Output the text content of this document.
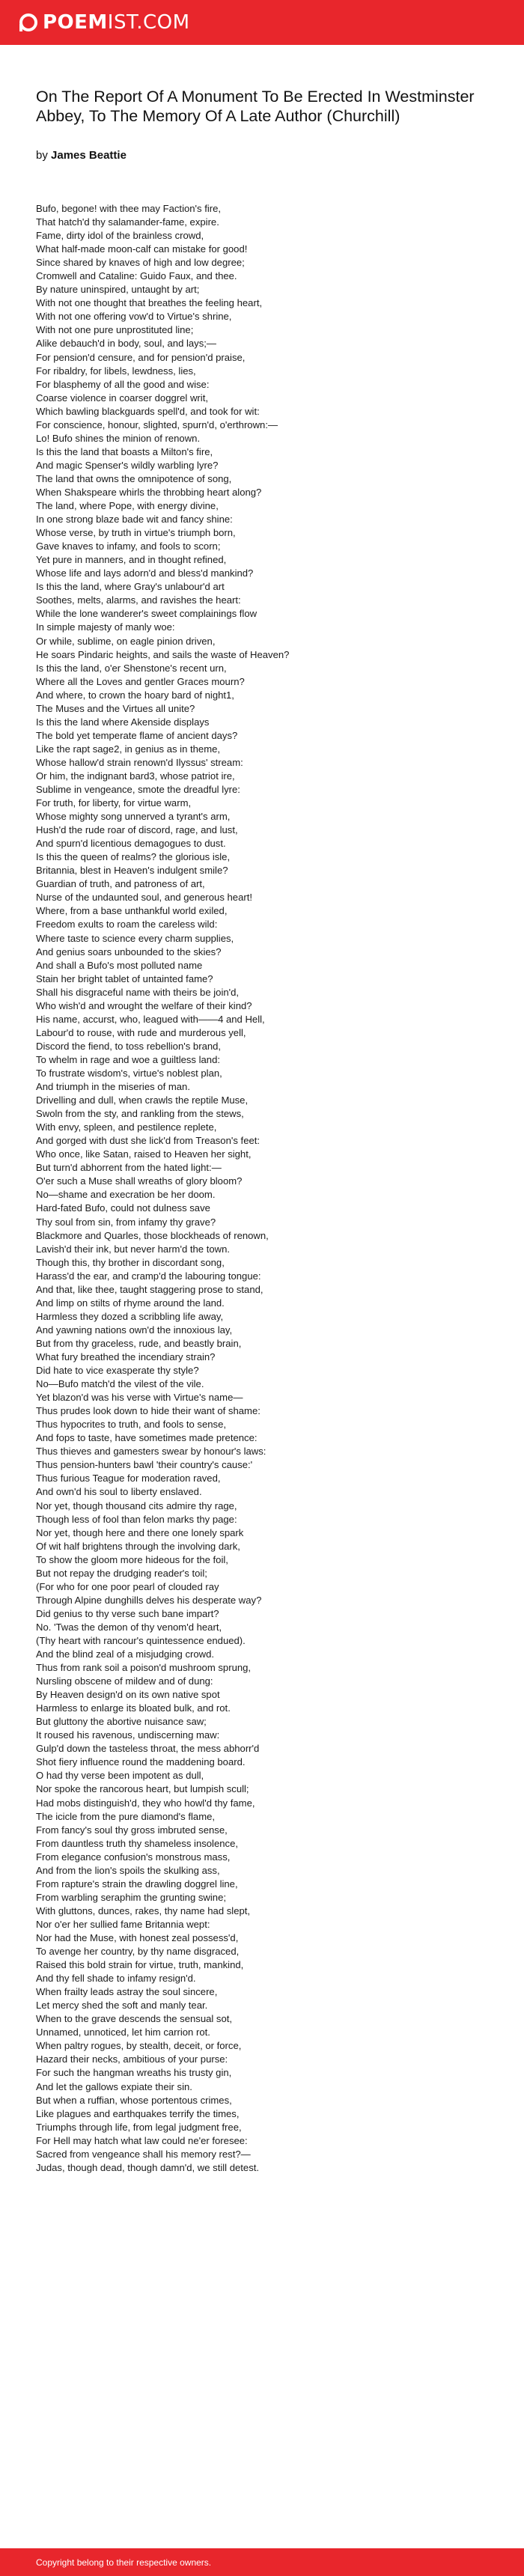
POEM IST.COM
On The Report Of A Monument To Be Erected In Westminster Abbey, To The Memory Of A Late Author (Churchill)
by James Beattie
Bufo, begone! with thee may Faction's fire,
That hatch'd thy salamander-fame, expire.
Fame, dirty idol of the brainless crowd,
What half-made moon-calf can mistake for good!
Since shared by knaves of high and low degree;
Cromwell and Cataline: Guido Faux, and thee.
By nature uninspired, untaught by art;
With not one thought that breathes the feeling heart,
With not one offering vow'd to Virtue's shrine,
With not one pure unprostituted line;
Alike debauch'd in body, soul, and lays;—
For pension'd censure, and for pension'd praise,
For ribaldry, for libels, lewdness, lies,
For blasphemy of all the good and wise:
Coarse violence in coarser doggrel writ,
Which bawling blackguards spell'd, and took for wit:
For conscience, honour, slighted, spurn'd, o'erthrown:—
Lo! Bufo shines the minion of renown.
Is this the land that boasts a Milton's fire,
And magic Spenser's wildly warbling lyre?
The land that owns the omnipotence of song,
When Shakspeare whirls the throbbing heart along?
The land, where Pope, with energy divine,
In one strong blaze bade wit and fancy shine:
Whose verse, by truth in virtue's triumph born,
Gave knaves to infamy, and fools to scorn;
Yet pure in manners, and in thought refined,
Whose life and lays adorn'd and bless'd mankind?
Is this the land, where Gray's unlabour'd art
Soothes, melts, alarms, and ravishes the heart:
While the lone wanderer's sweet complainings flow
In simple majesty of manly woe:
Or while, sublime, on eagle pinion driven,
He soars Pindaric heights, and sails the waste of Heaven?
Is this the land, o'er Shenstone's recent urn,
Where all the Loves and gentler Graces mourn?
And where, to crown the hoary bard of night1,
The Muses and the Virtues all unite?
Is this the land where Akenside displays
The bold yet temperate flame of ancient days?
Like the rapt sage2, in genius as in theme,
Whose hallow'd strain renown'd Ilyssus' stream:
Or him, the indignant bard3, whose patriot ire,
Sublime in vengeance, smote the dreadful lyre:
For truth, for liberty, for virtue warm,
Whose mighty song unnerved a tyrant's arm,
Hush'd the rude roar of discord, rage, and lust,
And spurn'd licentious demagogues to dust.
Is this the queen of realms? the glorious isle,
Britannia, blest in Heaven's indulgent smile?
Guardian of truth, and patroness of art,
Nurse of the undaunted soul, and generous heart!
Where, from a base unthankful world exiled,
Freedom exults to roam the careless wild:
Where taste to science every charm supplies,
And genius soars unbounded to the skies?
And shall a Bufo's most polluted name
Stain her bright tablet of untainted fame?
Shall his disgraceful name with theirs be join'd,
Who wish'd and wrought the welfare of their kind?
His name, accurst, who, leagued with——4 and Hell,
Labour'd to rouse, with rude and murderous yell,
Discord the fiend, to toss rebellion's brand,
To whelm in rage and woe a guiltless land:
To frustrate wisdom's, virtue's noblest plan,
And triumph in the miseries of man.
Drivelling and dull, when crawls the reptile Muse,
Swoln from the sty, and rankling from the stews,
With envy, spleen, and pestilence replete,
And gorged with dust she lick'd from Treason's feet:
Who once, like Satan, raised to Heaven her sight,
But turn'd abhorrent from the hated light:—
O'er such a Muse shall wreaths of glory bloom?
No—shame and execration be her doom.
Hard-fated Bufo, could not dulness save
Thy soul from sin, from infamy thy grave?
Blackmore and Quarles, those blockheads of renown,
Lavish'd their ink, but never harm'd the town.
Though this, thy brother in discordant song,
Harass'd the ear, and cramp'd the labouring tongue:
And that, like thee, taught staggering prose to stand,
And limp on stilts of rhyme around the land.
Harmless they dozed a scribbling life away,
And yawning nations own'd the innoxious lay,
But from thy graceless, rude, and beastly brain,
What fury breathed the incendiary strain?
Did hate to vice exasperate thy style?
No—Bufo match'd the vilest of the vile.
Yet blazon'd was his verse with Virtue's name—
Thus prudes look down to hide their want of shame:
Thus hypocrites to truth, and fools to sense,
And fops to taste, have sometimes made pretence:
Thus thieves and gamesters swear by honour's laws:
Thus pension-hunters bawl 'their country's cause:'
Thus furious Teague for moderation raved,
And own'd his soul to liberty enslaved.
Nor yet, though thousand cits admire thy rage,
Though less of fool than felon marks thy page:
Nor yet, though here and there one lonely spark
Of wit half brightens through the involving dark,
To show the gloom more hideous for the foil,
But not repay the drudging reader's toil;
(For who for one poor pearl of clouded ray
Through Alpine dunghills delves his desperate way?
Did genius to thy verse such bane impart?
No. 'Twas the demon of thy venom'd heart,
(Thy heart with rancour's quintessence endued).
And the blind zeal of a misjudging crowd.
Thus from rank soil a poison'd mushroom sprung,
Nursling obscene of mildew and of dung:
By Heaven design'd on its own native spot
Harmless to enlarge its bloated bulk, and rot.
But gluttony the abortive nuisance saw;
It roused his ravenous, undiscerning maw:
Gulp'd down the tasteless throat, the mess abhorr'd
Shot fiery influence round the maddening board.
O had thy verse been impotent as dull,
Nor spoke the rancorous heart, but lumpish scull;
Had mobs distinguish'd, they who howl'd thy fame,
The icicle from the pure diamond's flame,
From fancy's soul thy gross imbruted sense,
From dauntless truth thy shameless insolence,
From elegance confusion's monstrous mass,
And from the lion's spoils the skulking ass,
From rapture's strain the drawling doggrel line,
From warbling seraphim the grunting swine;
With gluttons, dunces, rakes, thy name had slept,
Nor o'er her sullied fame Britannia wept:
Nor had the Muse, with honest zeal possess'd,
To avenge her country, by thy name disgraced,
Raised this bold strain for virtue, truth, mankind,
And thy fell shade to infamy resign'd.
When frailty leads astray the soul sincere,
Let mercy shed the soft and manly tear.
When to the grave descends the sensual sot,
Unnamed, unnoticed, let him carrion rot.
When paltry rogues, by stealth, deceit, or force,
Hazard their necks, ambitious of your purse:
For such the hangman wreaths his trusty gin,
And let the gallows expiate their sin.
But when a ruffian, whose portentous crimes,
Like plagues and earthquakes terrify the times,
Triumphs through life, from legal judgment free,
For Hell may hatch what law could ne'er foresee:
Sacred from vengeance shall his memory rest?—
Judas, though dead, though damn'd, we still detest.
Copyright belong to their respective owners.
